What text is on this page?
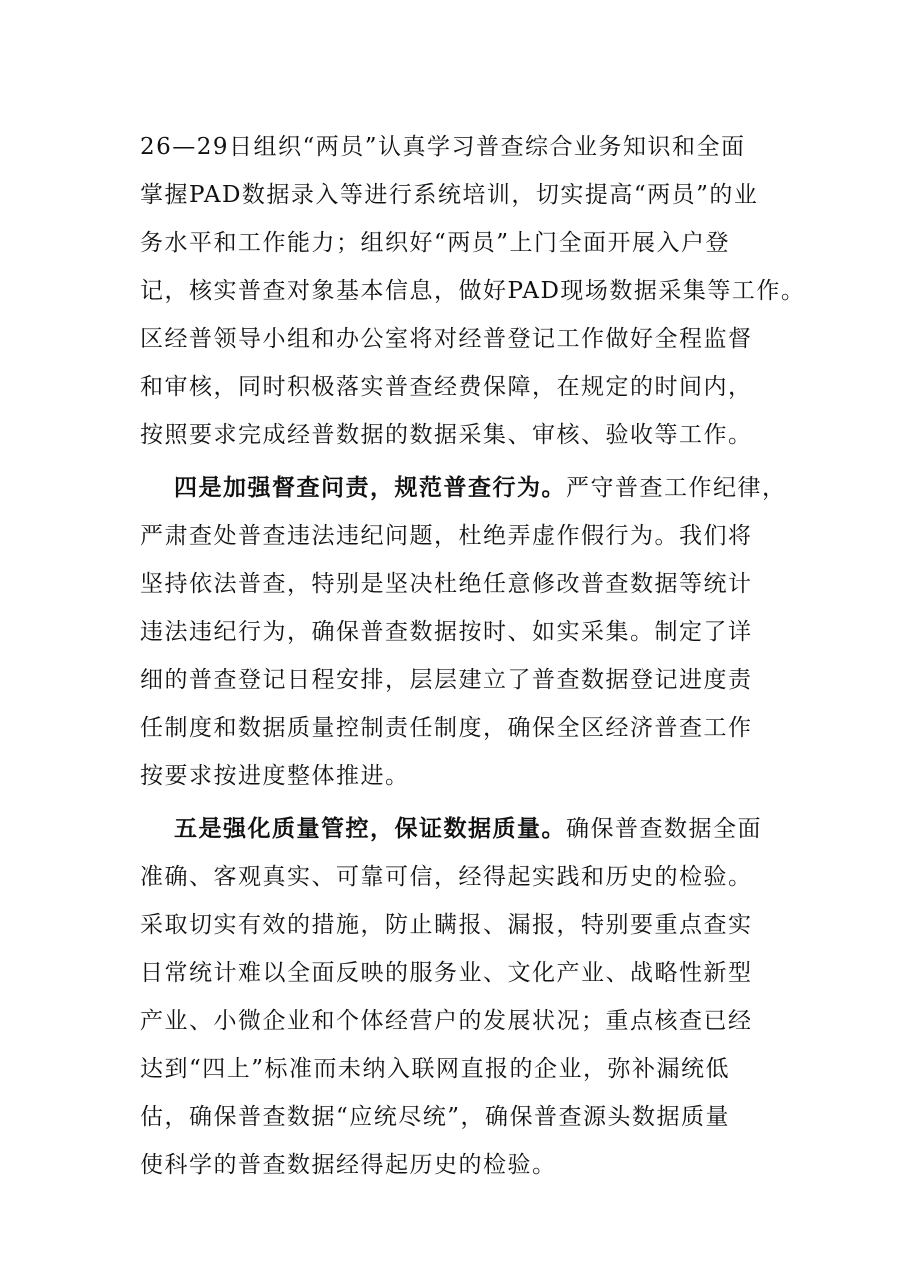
26—29日组织“两员”认真学习普查综合业务知识和全面
掌握PAD数据录入等进行系统培训，切实提高“两员”的业
务水平和工作能力；组织好“两员”上门全面开展入户登
记，核实普查对象基本信息，做好PAD现场数据采集等工作。
区经普领导小组和办公室将对经普登记工作做好全程监督
和审核，同时积极落实普查经费保障，在规定的时间内，
按照要求完成经普数据的数据采集、审核、验收等工作。
四是加强督查问责，规范普查行为。严守普查工作纪律，
严肃查处普查违法违纪问题，杜绝弄虚作假行为。我们将
坚持依法普查，特别是坚决杜绝任意修改普查数据等统计
违法违纪行为，确保普查数据按时、如实采集。制定了详
细的普查登记日程安排，层层建立了普查数据登记进度责
任制度和数据质量控制责任制度，确保全区经济普查工作
按要求按进度整体推进。
五是强化质量管控，保证数据质量。确保普查数据全面
准确、客观真实、可靠可信，经得起实践和历史的检验。
采取切实有效的措施，防止瞒报、漏报，特别要重点查实
日常统计难以全面反映的服务业、文化产业、战略性新型
产业、小微企业和个体经营户的发展状况；重点核查已经
达到“四上”标准而未纳入联网直报的企业，弥补漏统低
估，确保普查数据“应统尽统”，确保普查源头数据质量
使科学的普查数据经得起历史的检验。
